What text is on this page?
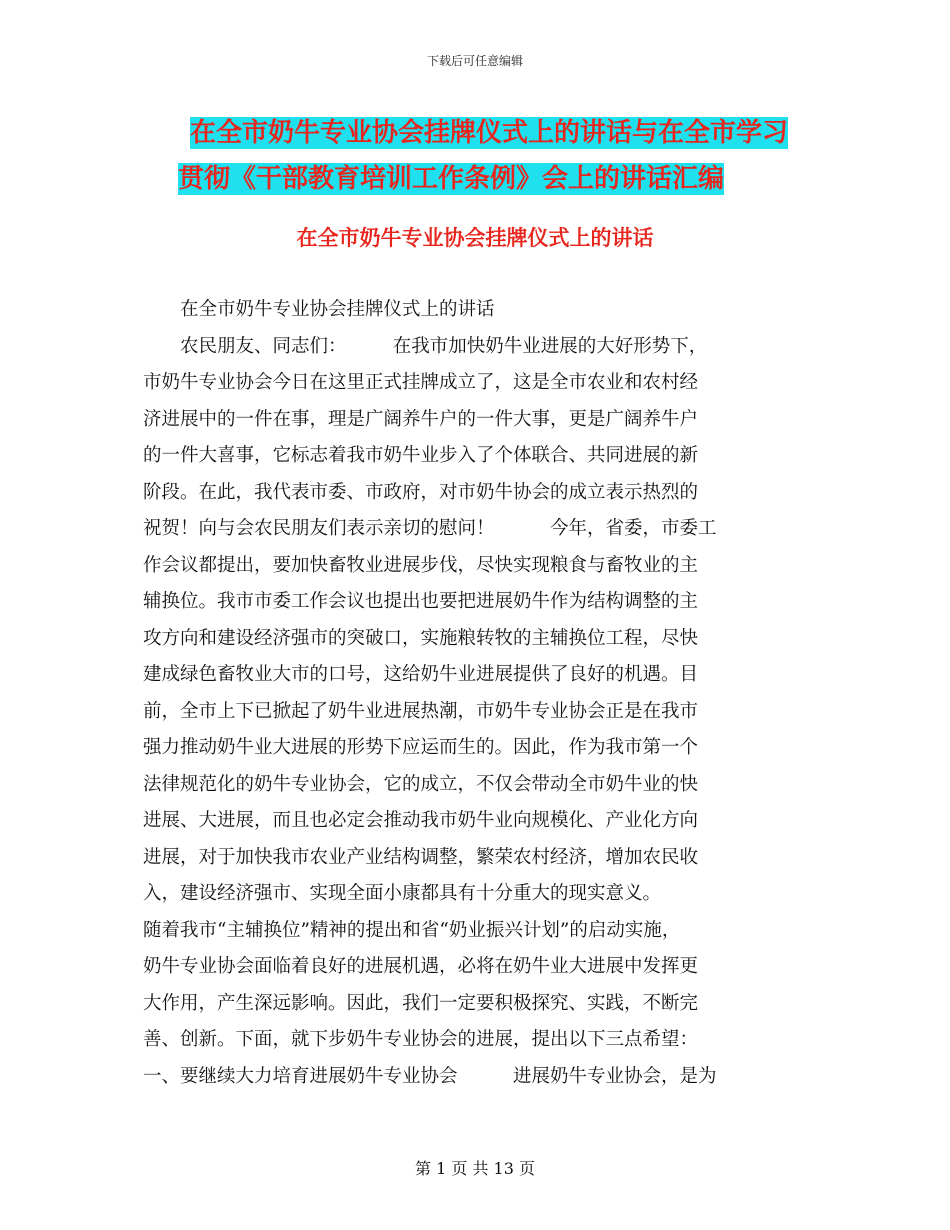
下载后可任意编辑
在全市奶牛专业协会挂牌仪式上的讲话与在全市学习
贯彻《干部教育培训工作条例》会上的讲话汇编
在全市奶牛专业协会挂牌仪式上的讲话
　　在全市奶牛专业协会挂牌仪式上的讲话
　　农民朋友、同志们：　　　在我市加快奶牛业进展的大好形势下，
市奶牛专业协会今日在这里正式挂牌成立了，这是全市农业和农村经
济进展中的一件在事，理是广阔养牛户的一件大事，更是广阔养牛户
的一件大喜事，它标志着我市奶牛业步入了个体联合、共同进展的新
阶段。在此，我代表市委、市政府，对市奶牛协会的成立表示热烈的
祝贺！向与会农民朋友们表示亲切的慰问！　　　今年，省委，市委工
作会议都提出，要加快畜牧业进展步伐，尽快实现粮食与畜牧业的主
辅换位。我市市委工作会议也提出也要把进展奶牛作为结构调整的主
攻方向和建设经济强市的突破口，实施粮转牧的主辅换位工程，尽快
建成绿色畜牧业大市的口号，这给奶牛业进展提供了良好的机遇。目
前，全市上下已掀起了奶牛业进展热潮，市奶牛专业协会正是在我市
强力推动奶牛业大进展的形势下应运而生的。因此，作为我市第一个
法律规范化的奶牛专业协会，它的成立，不仅会带动全市奶牛业的快
进展、大进展，而且也必定会推动我市奶牛业向规模化、产业化方向
进展，对于加快我市农业产业结构调整，繁荣农村经济，增加农民收
入，建设经济强市、实现全面小康都具有十分重大的现实意义。
随着我市“主辅换位”精神的提出和省“奶业振兴计划”的启动实施，
奶牛专业协会面临着良好的进展机遇，必将在奶牛业大进展中发挥更
大作用，产生深远影响。因此，我们一定要积极探究、实践，不断完
善、创新。下面，就下步奶牛专业协会的进展，提出以下三点希望：
一、要继续大力培育进展奶牛专业协会　　　进展奶牛专业协会，是为
第 1 页 共 13 页
